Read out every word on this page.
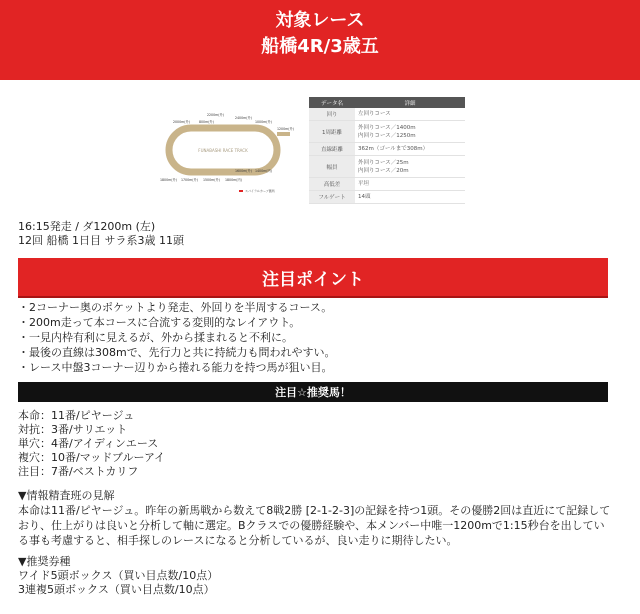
対象レース
船橋4R/3歳五
FUNABASHI RACE TRACK
2200m(外)
2000m(外)	800m(外)
2400m(外)
1200m(外)
1000m(外)
1600m(外)
1800m(外) 1700m(外) 1500m(外)
1400m(内)
1800m(内)
スパイラルカーブ箇所
データ名	詳細
回り	左回りコース

1周距離	外回りコース／1400m
内回りコース／1250m

直線距離	362m（ゴールまで308m）

幅員	外回りコース／25m
内回りコース／20m

高低差	平坦

フルゲート	14頭
16:15発走 / ダ1200m (左)
12回 船橋 1日目 サラ系3歳 11頭
注目ポイント
・2コーナー奥のポケットより発走、外回りを半周するコース。
・200m走って本コースに合流する変則的なレイアウト。
・一見内枠有利に見えるが、外から揉まれると不利に。
・最後の直線は308mで、先行力と共に持続力も問われやすい。
・レース中盤3コーナー辺りから捲れる能力を持つ馬が狙い目。
注目☆推奨馬！
本命：11番/ピヤージュ
対抗：3番/サリエット
単穴：4番/アイディンエース
複穴：10番/マッドブルーアイ
注目：7番/ベストカリフ
▼情報精査班の見解
本命は11番/ピヤージュ。昨年の新馬戦から数えて8戦2勝 [2-1-2-3]の記録を持つ1頭。その優勝2回は直近にて記録しており、仕上がりは良いと分析して軸に選定。Bクラスでの優勝経験や、本メンバー中唯一1200mで1:15秒台を出している事も考慮すると、相手探しのレースになると分析しているが、良い走りに期待したい。
▼推奨券種
ワイド5頭ボックス（買い目点数/10点）
3連複5頭ボックス（買い目点数/10点）
